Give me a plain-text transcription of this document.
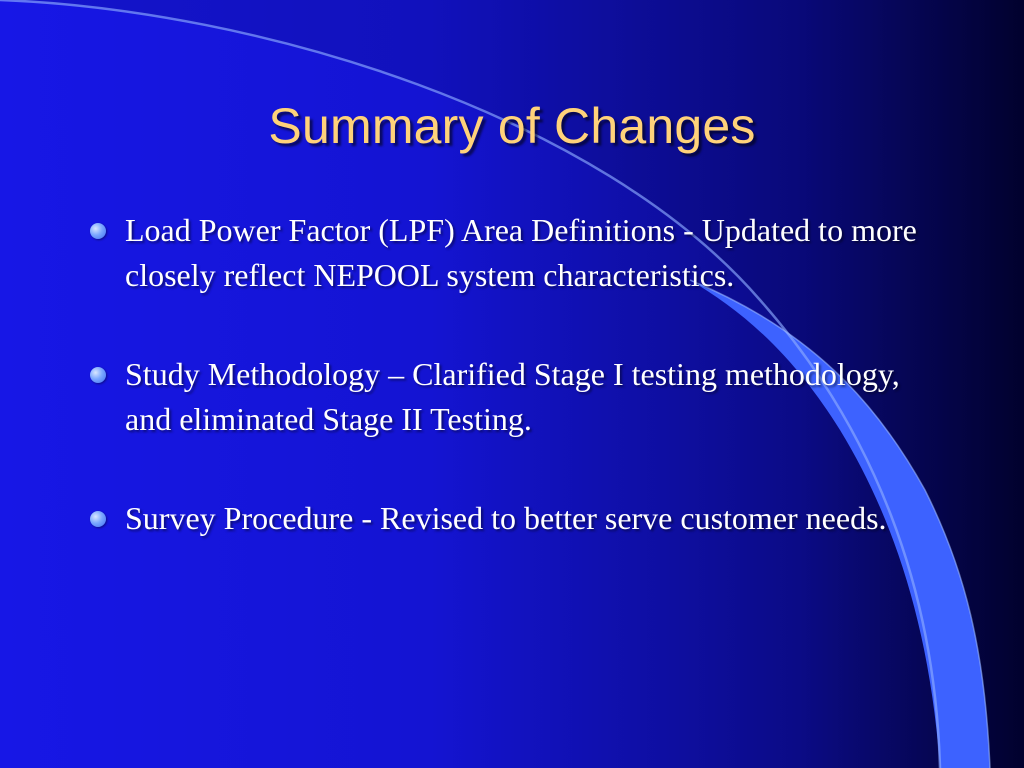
Summary of Changes
Load Power Factor (LPF) Area Definitions - Updated to more closely reflect NEPOOL system characteristics.
Study Methodology – Clarified Stage I testing methodology, and eliminated Stage II Testing.
Survey Procedure - Revised to better serve customer needs.
